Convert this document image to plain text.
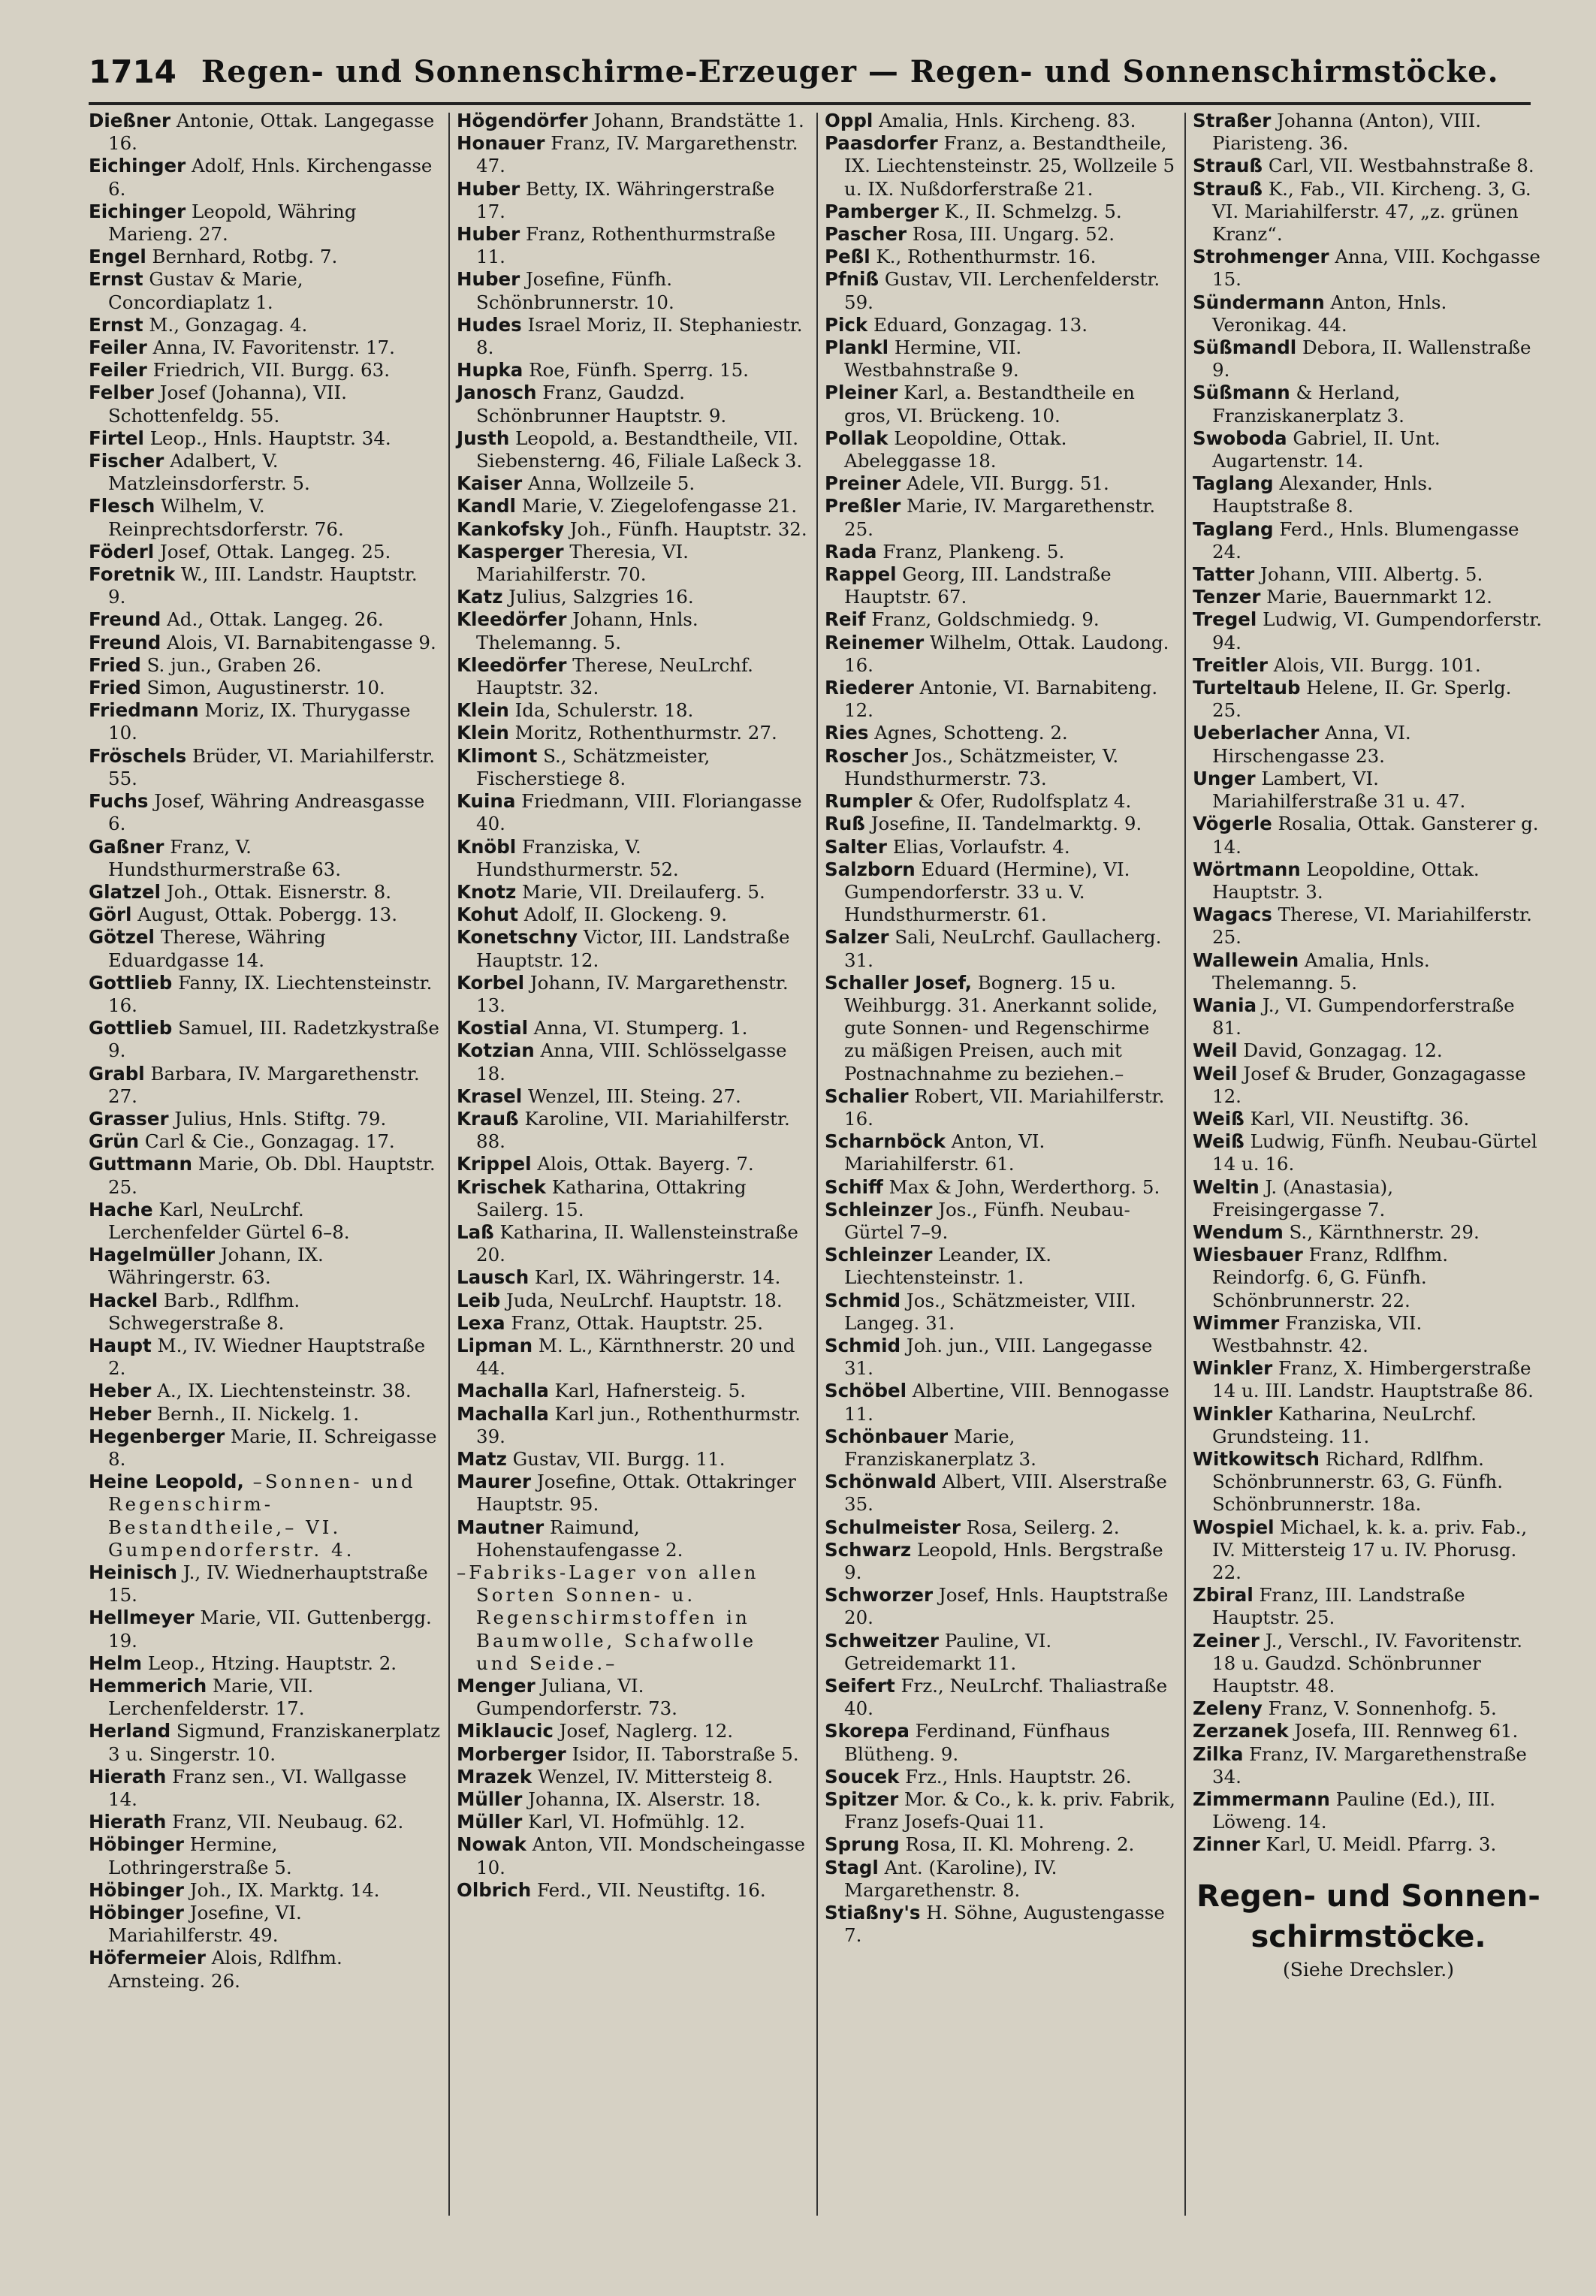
1714 Regen- und Sonnenschirme-Erzeuger — Regen- und Sonnenschirmstöcke.

Dießner Antonie, Ottak. Langegasse 16.

Eichinger Adolf, Hnls. Kirchengasse 6.

Eichinger Leopold, Währing Marieng. 27.

Engel Bernhard, Rotbg. 7.

Ernst Gustav & Marie, Concordiaplatz 1.

Ernst M., Gonzagag. 4.

Feiler Anna, IV. Favoritenstr. 17.

Feiler Friedrich, VII. Burgg. 63.

Felber Josef (Johanna), VII. Schottenfeldg. 55.

Firtel Leop., Hnls. Hauptstr. 34.

Fischer Adalbert, V. Matzleinsdorferstr. 5.

Flesch Wilhelm, V. Reinprechtsdorferstr. 76.

Föderl Josef, Ottak. Langeg. 25.

Foretnik W., III. Landstr. Hauptstr. 9.

Freund Ad., Ottak. Langeg. 26.

Freund Alois, VI. Barnabitengasse 9.

Fried S. jun., Graben 26.

Fried Simon, Augustinerstr. 10.

Friedmann Moriz, IX. Thurygasse 10.

Fröschels Brüder, VI. Mariahilferstr. 55.

Fuchs Josef, Währing Andreasgasse 6.

Gaßner Franz, V. Hundsthurmerstraße 63.

Glatzel Joh., Ottak. Eisnerstr. 8.

Görl August, Ottak. Pobergg. 13.

Götzel Therese, Währing Eduardgasse 14.

Gottlieb Fanny, IX. Liechtensteinstr. 16.

Gottlieb Samuel, III. Radetzkystraße 9.

Grabl Barbara, IV. Margarethenstr. 27.

Grasser Julius, Hnls. Stiftg. 79.

Grün Carl & Cie., Gonzagag. 17.

Guttmann Marie, Ob. Dbl. Hauptstr. 25.

Hache Karl, NeuLrchf. Lerchenfelder Gürtel 6–8.

Hagelmüller Johann, IX. Währingerstr. 63.

Hackel Barb., Rdlfhm. Schwegerstraße 8.

Haupt M., IV. Wiedner Hauptstraße 2.

Heber A., IX. Liechtensteinstr. 38.

Heber Bernh., II. Nickelg. 1.

Hegenberger Marie, II. Schreigasse 8.

Heine Leopold, –Sonnen- und Regenschirm-Bestandtheile,– VI. Gumpendorferstr. 4.

Heinisch J., IV. Wiednerhauptstraße 15.

Hellmeyer Marie, VII. Guttenbergg. 19.

Helm Leop., Htzing. Hauptstr. 2.

Hemmerich Marie, VII. Lerchenfelderstr. 17.

Herland Sigmund, Franziskanerplatz 3 u. Singerstr. 10.

Hierath Franz sen., VI. Wallgasse 14.

Hierath Franz, VII. Neubaug. 62.

Höbinger Hermine, Lothringerstraße 5.

Höbinger Joh., IX. Marktg. 14.

Höbinger Josefine, VI. Mariahilferstr. 49.

Höfermeier Alois, Rdlfhm. Arnsteing. 26.

Högendörfer Johann, Brandstätte 1.

Honauer Franz, IV. Margarethenstr. 47.

Huber Betty, IX. Währingerstraße 17.

Huber Franz, Rothenthurmstraße 11.

Huber Josefine, Fünfh. Schönbrunnerstr. 10.

Hudes Israel Moriz, II. Stephaniestr. 8.

Hupka Roe, Fünfh. Sperrg. 15.

Janosch Franz, Gaudzd. Schönbrunner Hauptstr. 9.

Justh Leopold, a. Bestandtheile, VII. Siebensterng. 46, Filiale Laßeck 3.

Kaiser Anna, Wollzeile 5.

Kandl Marie, V. Ziegelofengasse 21.

Kankofsky Joh., Fünfh. Hauptstr. 32.

Kasperger Theresia, VI. Mariahilferstr. 70.

Katz Julius, Salzgries 16.

Kleedörfer Johann, Hnls. Thelemanng. 5.

Kleedörfer Therese, NeuLrchf. Hauptstr. 32.

Klein Ida, Schulerstr. 18.

Klein Moritz, Rothenthurmstr. 27.

Klimont S., Schätzmeister, Fischerstiege 8.

Kuina Friedmann, VIII. Floriangasse 40.

Knöbl Franziska, V. Hundsthurmerstr. 52.

Knotz Marie, VII. Dreilauferg. 5.

Kohut Adolf, II. Glockeng. 9.

Konetschny Victor, III. Landstraße Hauptstr. 12.

Korbel Johann, IV. Margarethenstr. 13.

Kostial Anna, VI. Stumperg. 1.

Kotzian Anna, VIII. Schlösselgasse 18.

Krasel Wenzel, III. Steing. 27.

Krauß Karoline, VII. Mariahilferstr. 88.

Krippel Alois, Ottak. Bayerg. 7.

Krischek Katharina, Ottakring Sailerg. 15.

Laß Katharina, II. Wallensteinstraße 20.

Lausch Karl, IX. Währingerstr. 14.

Leib Juda, NeuLrchf. Hauptstr. 18.

Lexa Franz, Ottak. Hauptstr. 25.

Lipman M. L., Kärnthnerstr. 20 und 44.

Machalla Karl, Hafnersteig. 5.

Machalla Karl jun., Rothenthurmstr. 39.

Matz Gustav, VII. Burgg. 11.

Maurer Josefine, Ottak. Ottakringer Hauptstr. 95.

Mautner Raimund, Hohenstaufengasse 2.

–Fabriks-Lager von allen Sorten Sonnen- u. Regenschirmstoffen in Baumwolle, Schafwolle und Seide.–

Menger Juliana, VI. Gumpendorferstr. 73.

Miklaucic Josef, Naglerg. 12.

Morberger Isidor, II. Taborstraße 5.

Mrazek Wenzel, IV. Mittersteig 8.

Müller Johanna, IX. Alserstr. 18.

Müller Karl, VI. Hofmühlg. 12.

Nowak Anton, VII. Mondscheingasse 10.

Olbrich Ferd., VII. Neustiftg. 16.

Oppl Amalia, Hnls. Kircheng. 83.

Paasdorfer Franz, a. Bestandtheile, IX. Liechtensteinstr. 25, Wollzeile 5 u. IX. Nußdorferstraße 21.

Pamberger K., II. Schmelzg. 5.

Pascher Rosa, III. Ungarg. 52.

Peßl K., Rothenthurmstr. 16.

Pfniß Gustav, VII. Lerchenfelderstr. 59.

Pick Eduard, Gonzagag. 13.

Plankl Hermine, VII. Westbahnstraße 9.

Pleiner Karl, a. Bestandtheile en gros, VI. Brückeng. 10.

Pollak Leopoldine, Ottak. Abeleggasse 18.

Preiner Adele, VII. Burgg. 51.

Preßler Marie, IV. Margarethenstr. 25.

Rada Franz, Plankeng. 5.

Rappel Georg, III. Landstraße Hauptstr. 67.

Reif Franz, Goldschmiedg. 9.

Reinemer Wilhelm, Ottak. Laudong. 16.

Riederer Antonie, VI. Barnabiteng. 12.

Ries Agnes, Schotteng. 2.

Roscher Jos., Schätzmeister, V. Hundsthurmerstr. 73.

Rumpler & Ofer, Rudolfsplatz 4.

Ruß Josefine, II. Tandelmarktg. 9.

Salter Elias, Vorlaufstr. 4.

Salzborn Eduard (Hermine), VI. Gumpendorferstr. 33 u. V. Hundsthurmerstr. 61.

Salzer Sali, NeuLrchf. Gaullacherg. 31.

Schaller Josef, Bognerg. 15 u. Weihburgg. 31. Anerkannt solide, gute Sonnen- und Regenschirme zu mäßigen Preisen, auch mit Postnachnahme zu beziehen.–

Schalier Robert, VII. Mariahilferstr. 16.

Scharnböck Anton, VI. Mariahilferstr. 61.

Schiff Max & John, Werderthorg. 5.

Schleinzer Jos., Fünfh. Neubau-Gürtel 7–9.

Schleinzer Leander, IX. Liechtensteinstr. 1.

Schmid Jos., Schätzmeister, VIII. Langeg. 31.

Schmid Joh. jun., VIII. Langegasse 31.

Schöbel Albertine, VIII. Bennogasse 11.

Schönbauer Marie, Franziskanerplatz 3.

Schönwald Albert, VIII. Alserstraße 35.

Schulmeister Rosa, Seilerg. 2.

Schwarz Leopold, Hnls. Bergstraße 9.

Schworzer Josef, Hnls. Hauptstraße 20.

Schweitzer Pauline, VI. Getreidemarkt 11.

Seifert Frz., NeuLrchf. Thaliastraße 40.

Skorepa Ferdinand, Fünfhaus Blütheng. 9.

Soucek Frz., Hnls. Hauptstr. 26.

Spitzer Mor. & Co., k. k. priv. Fabrik, Franz Josefs-Quai 11.

Sprung Rosa, II. Kl. Mohreng. 2.

Stagl Ant. (Karoline), IV. Margarethenstr. 8.

Stiaßny's H. Söhne, Augustengasse 7.

Straßer Johanna (Anton), VIII. Piaristeng. 36.

Strauß Carl, VII. Westbahnstraße 8.

Strauß K., Fab., VII. Kircheng. 3, G. VI. Mariahilferstr. 47, „z. grünen Kranz“.

Strohmenger Anna, VIII. Kochgasse 15.

Sündermann Anton, Hnls. Veronikag. 44.

Süßmandl Debora, II. Wallenstraße 9.

Süßmann & Herland, Franziskanerplatz 3.

Swoboda Gabriel, II. Unt. Augartenstr. 14.

Taglang Alexander, Hnls. Hauptstraße 8.

Taglang Ferd., Hnls. Blumengasse 24.

Tatter Johann, VIII. Albertg. 5.

Tenzer Marie, Bauernmarkt 12.

Tregel Ludwig, VI. Gumpendorferstr. 94.

Treitler Alois, VII. Burgg. 101.

Turteltaub Helene, II. Gr. Sperlg. 25.

Ueberlacher Anna, VI. Hirschengasse 23.

Unger Lambert, VI. Mariahilferstraße 31 u. 47.

Vögerle Rosalia, Ottak. Gansterer g. 14.

Wörtmann Leopoldine, Ottak. Hauptstr. 3.

Wagacs Therese, VI. Mariahilferstr. 25.

Wallewein Amalia, Hnls. Thelemanng. 5.

Wania J., VI. Gumpendorferstraße 81.

Weil David, Gonzagag. 12.

Weil Josef & Bruder, Gonzagagasse 12.

Weiß Karl, VII. Neustiftg. 36.

Weiß Ludwig, Fünfh. Neubau-Gürtel 14 u. 16.

Weltin J. (Anastasia), Freisingergasse 7.

Wendum S., Kärnthnerstr. 29.

Wiesbauer Franz, Rdlfhm. Reindorfg. 6, G. Fünfh. Schönbrunnerstr. 22.

Wimmer Franziska, VII. Westbahnstr. 42.

Winkler Franz, X. Himbergerstraße 14 u. III. Landstr. Hauptstraße 86.

Winkler Katharina, NeuLrchf. Grundsteing. 11.

Witkowitsch Richard, Rdlfhm. Schönbrunnerstr. 63, G. Fünfh. Schönbrunnerstr. 18a.

Wospiel Michael, k. k. a. priv. Fab., IV. Mittersteig 17 u. IV. Phorusg. 22.

Zbiral Franz, III. Landstraße Hauptstr. 25.

Zeiner J., Verschl., IV. Favoritenstr. 18 u. Gaudzd. Schönbrunner Hauptstr. 48.

Zeleny Franz, V. Sonnenhofg. 5.

Zerzanek Josefa, III. Rennweg 61.

Zilka Franz, IV. Margarethenstraße 34.

Zimmermann Pauline (Ed.), III. Löweng. 14.

Zinner Karl, U. Meidl. Pfarrg. 3.

Regen- und Sonnen-
schirmstöcke.
(Siehe Drechsler.)
